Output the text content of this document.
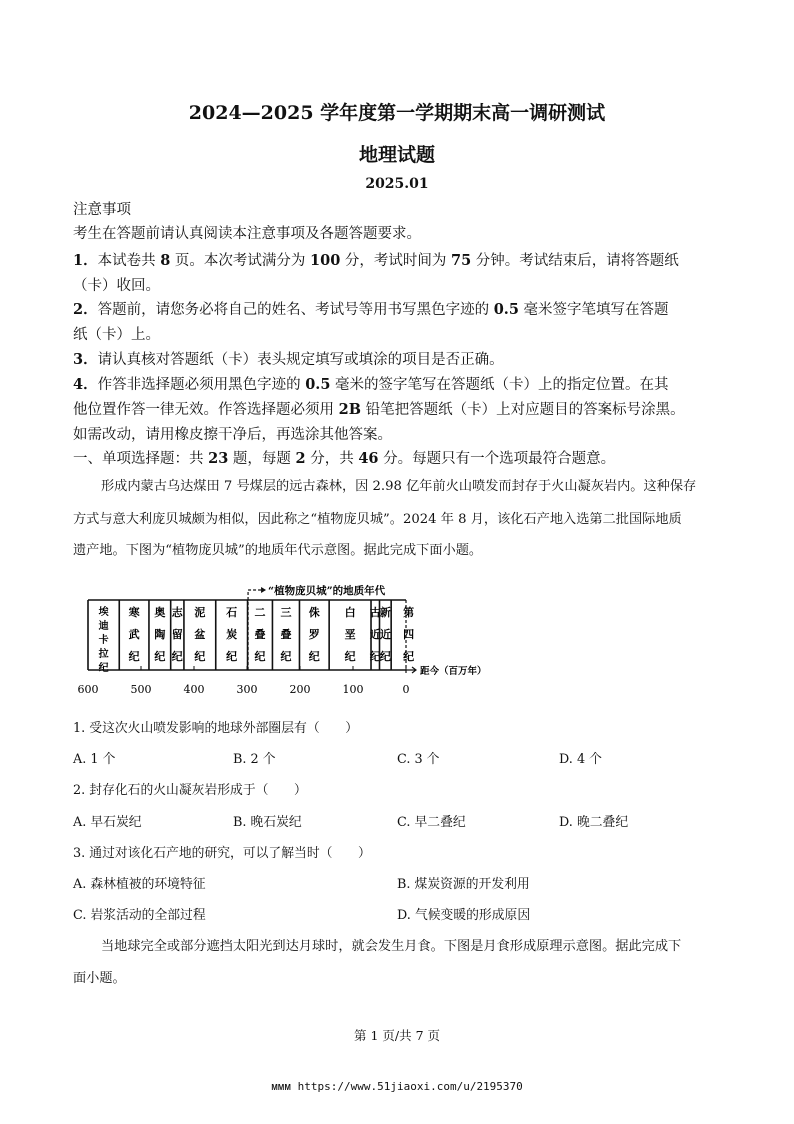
2024—2025 学年度第一学期期末高一调研测试
地理试题
2025.01
注意事项
考生在答题前请认真阅读本注意事项及各题答题要求。
1．本试卷共 8 页。本次考试满分为 100 分，考试时间为 75 分钟。考试结束后，请将答题纸
（卡）收回。
2．答题前，请您务必将自己的姓名、考试号等用书写黑色字迹的 0.5 毫米签字笔填写在答题
纸（卡）上。
3．请认真核对答题纸（卡）表头规定填写或填涂的项目是否正确。
4．作答非选择题必须用黑色字迹的 0.5 毫米的签字笔写在答题纸（卡）上的指定位置。在其
他位置作答一律无效。作答选择题必须用 2B 铅笔把答题纸（卡）上对应题目的答案标号涂黑。
如需改动，请用橡皮擦干净后，再选涂其他答案。
一、单项选择题：共 23 题，每题 2 分，共 46 分。每题只有一个选项最符合题意。
形成内蒙古乌达煤田 7 号煤层的远古森林，因 2.98 亿年前火山喷发而封存于火山凝灰岩内。这种保存
方式与意大利庞贝城颇为相似，因此称之“植物庞贝城”。2024 年 8 月，该化石产地入选第二批国际地质
遗产地。下图为“植物庞贝城”的地质年代示意图。据此完成下面小题。
埃
迪
卡
拉
纪
寒
武
纪
奥
陶
纪
志
留
纪
泥
盆
纪
石
炭
纪
二
叠
纪
三
叠
纪
侏
罗
纪
白
垩
纪
古
近
纪
新
近
纪
第
四
纪
600	500	400	300	200	100	0
“植物庞贝城”的地质年代
距今（百万年）
1. 受这次火山喷发影响的地球外部圈层有（　　）
A. 1 个	B. 2 个	C. 3 个	D. 4 个
2. 封存化石的火山凝灰岩形成于（　　）
A. 早石炭纪	B. 晚石炭纪	C. 早二叠纪	D. 晚二叠纪
3. 通过对该化石产地的研究，可以了解当时（　　）
A. 森林植被的环境特征	B. 煤炭资源的开发利用
C. 岩浆活动的全部过程	D. 气候变暖的形成原因
当地球完全或部分遮挡太阳光到达月球时，就会发生月食。下图是月食形成原理示意图。据此完成下
面小题。
第 1 页/共 7 页
ᴍᴍᴍ https://www.51jiaoxi.com/u/2195370
